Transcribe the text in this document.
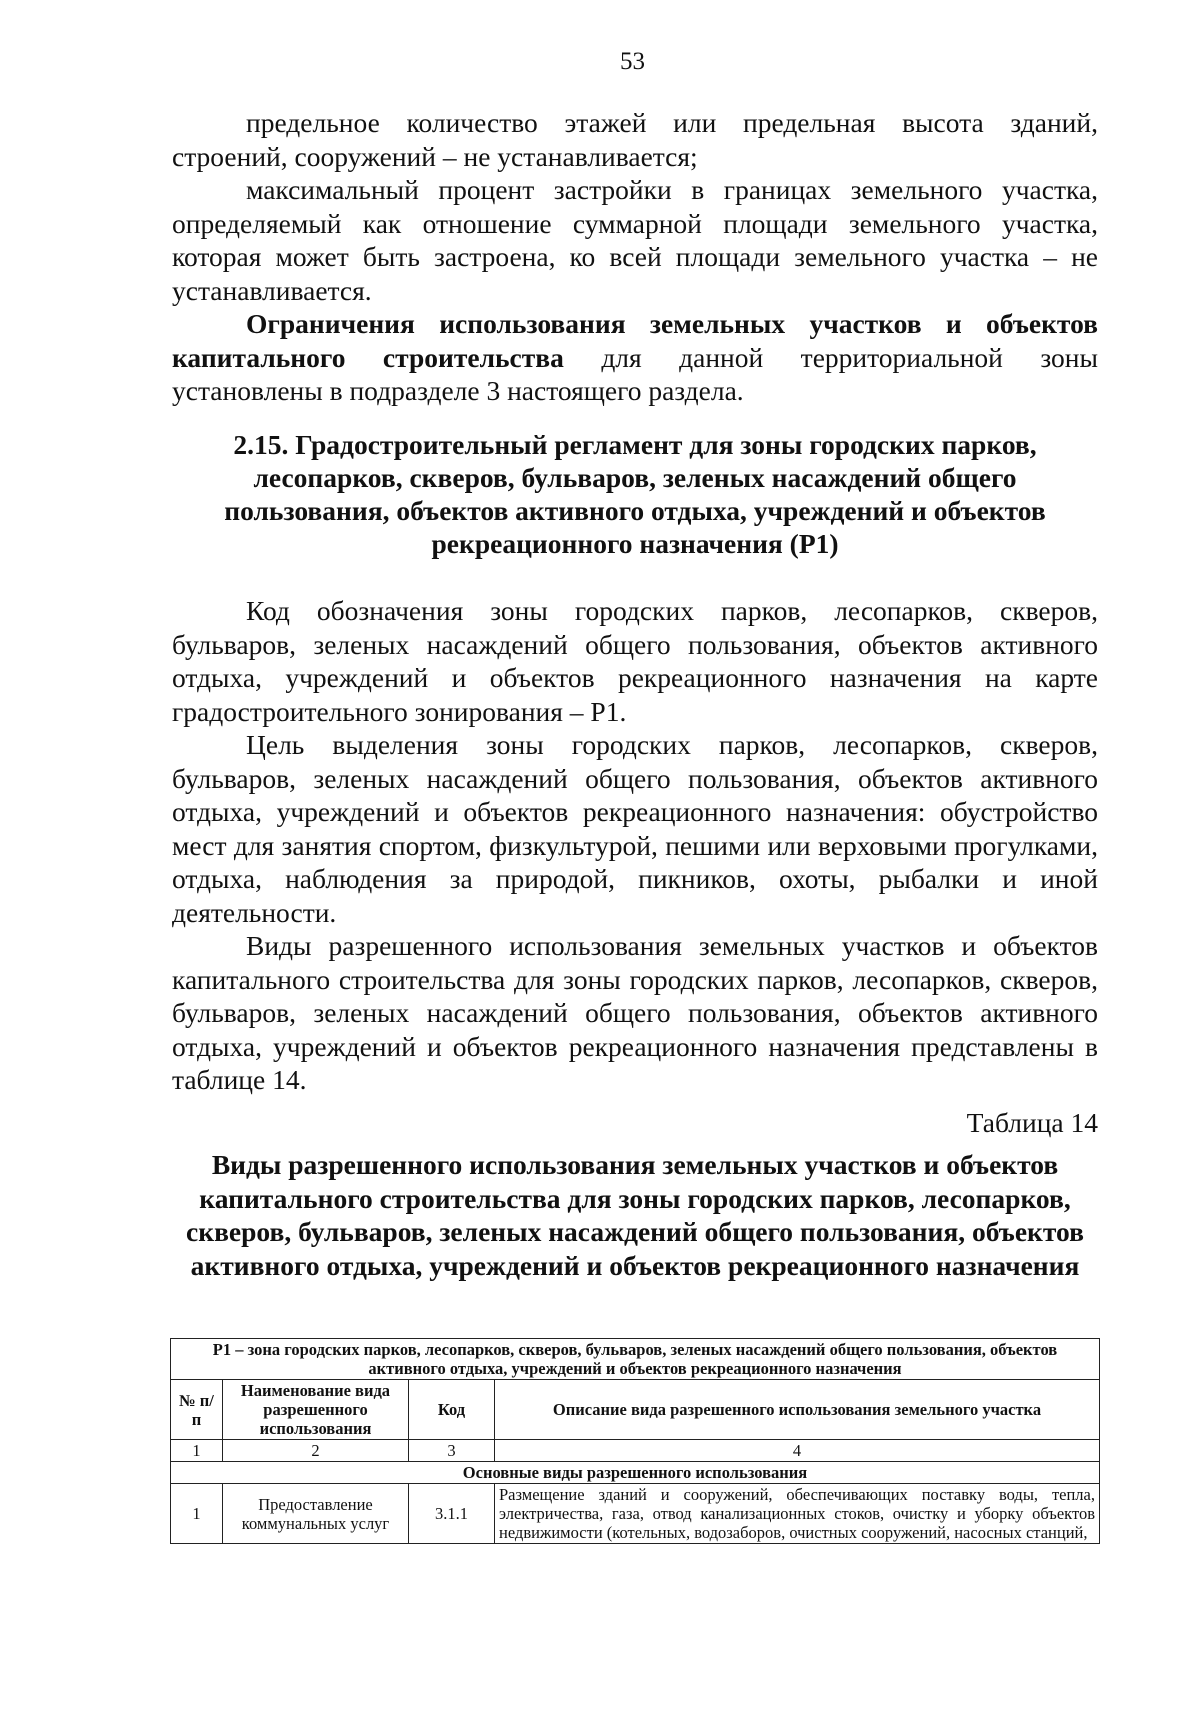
53

предельное количество этажей или предельная высота зданий, строений, сооружений – не устанавливается;

максимальный процент застройки в границах земельного участка, определяемый как отношение суммарной площади земельного участка, которая может быть застроена, ко всей площади земельного участка – не устанавливается.

Ограничения использования земельных участков и объектов капитального строительства для данной территориальной зоны установлены в подразделе 3 настоящего раздела.

2.15. Градостроительный регламент для зоны городских парков, лесопарков, скверов, бульваров, зеленых насаждений общего пользования, объектов активного отдыха, учреждений и объектов рекреационного назначения (Р1)

Код обозначения зоны городских парков, лесопарков, скверов, бульваров, зеленых насаждений общего пользования, объектов активного отдыха, учреждений и объектов рекреационного назначения на карте градостроительного зонирования – Р1.

Цель выделения зоны городских парков, лесопарков, скверов, бульваров, зеленых насаждений общего пользования, объектов активного отдыха, учреждений и объектов рекреационного назначения: обустройство мест для занятия спортом, физкультурой, пешими или верховыми прогулками, отдыха, наблюдения за природой, пикников, охоты, рыбалки и иной деятельности.

Виды разрешенного использования земельных участков и объектов капитального строительства для зоны городских парков, лесопарков, скверов, бульваров, зеленых насаждений общего пользования, объектов активного отдыха, учреждений и объектов рекреационного назначения представлены в таблице 14.

Таблица 14

Виды разрешенного использования земельных участков и объектов капитального строительства для зоны городских парков, лесопарков, скверов, бульваров, зеленых насаждений общего пользования, объектов активного отдыха, учреждений и объектов рекреационного назначения
Р1 – зона городских парков, лесопарков, скверов, бульваров, зеленых насаждений общего пользования, объектов активного отдыха, учреждений и объектов рекреационного назначения			
№ п/п	Наименование вида разрешенного использования	Код	Описание вида разрешенного использования земельного участка
1	2	3	4
Основные виды разрешенного использования			
1	Предоставление коммунальных услуг	3.1.1	Размещение зданий и сооружений, обеспечивающих поставку воды, тепла, электричества, газа, отвод канализационных стоков, очистку и уборку объектов недвижимости (котельных, водозаборов, очистных сооружений, насосных станций,
